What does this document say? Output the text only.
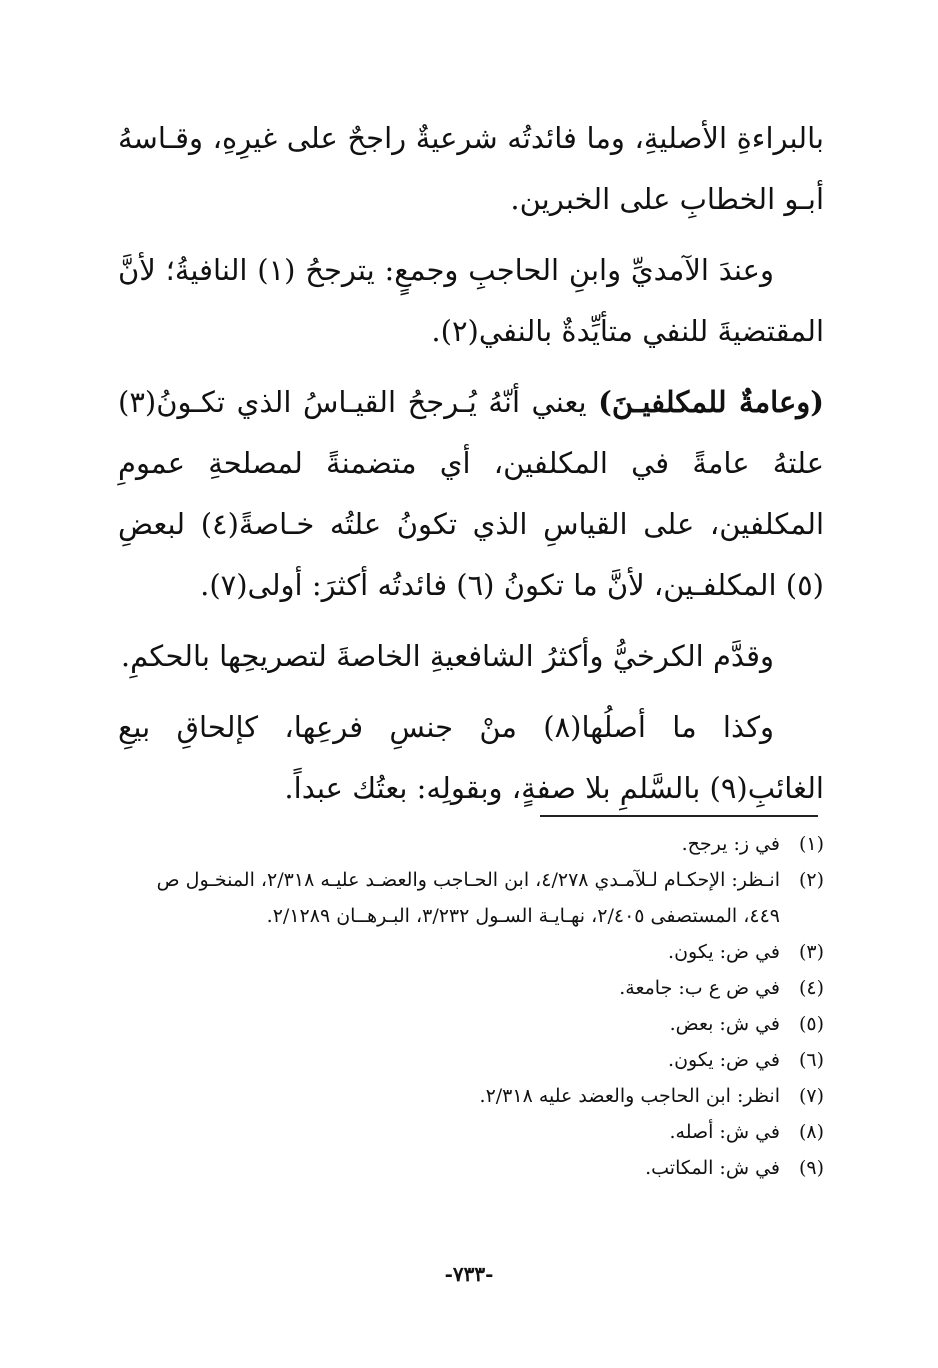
بالبراءةِ الأصليةِ، وما فائدتُه شرعيةٌ راجحٌ على غيرِهِ، وقـاسهُ أبـو الخطابِ على الخبرين.

وعندَ الآمديِّ وابنِ الحاجبِ وجمعٍ: يترجحُ (١) النافيةُ؛ لأنَّ المقتضيةَ للنفي متأيِّدةٌ بالنفي(٢).

(وعامةٌ للمكلفيـنَ) يعني أنّهُ يُـرجحُ القيـاسُ الذي تكـونُ(٣) علتهُ عامةً في المكلفين، أي متضمنةً لمصلحةِ عمومِ المكلفين، على القياسِ الذي تكونُ علتُه خـاصةً(٤) لبعضِ (٥) المكلفـين، لأنَّ ما تكونُ (٦) فائدتُه أكثرَ: أولى(٧).

وقدَّم الكرخيُّ وأكثرُ الشافعيةِ الخاصةَ لتصريحِها بالحكمِ.

وكذا ما أصلُها(٨) منْ جنسِ فرعِها، كإلحاقِ بيعِ الغائبِ(٩) بالسَّلمِ بلا صفةٍ، وبقولِه: بعتُك عبداً.

(١)
في ز: يرجح.
(٢)
انـظر: الإحكـام لـلآمـدي ٤/٢٧٨، ابن الحـاجب والعضـد عليـه ٢/٣١٨، المنخـول ص ٤٤٩، المستصفى ٢/٤٠٥، نهـايـة السـول ٣/٢٣٢، البـرهــان ٢/١٢٨٩.
(٣)
في ض: يكون.
(٤)
في ض ع ب: جامعة.
(٥)
في ش: بعض.
(٦)
في ض: يكون.
(٧)
انظر: ابن الحاجب والعضد عليه ٢/٣١٨.
(٨)
في ش: أصله.
(٩)
في ش: المكاتب.
-٧٣٣-
